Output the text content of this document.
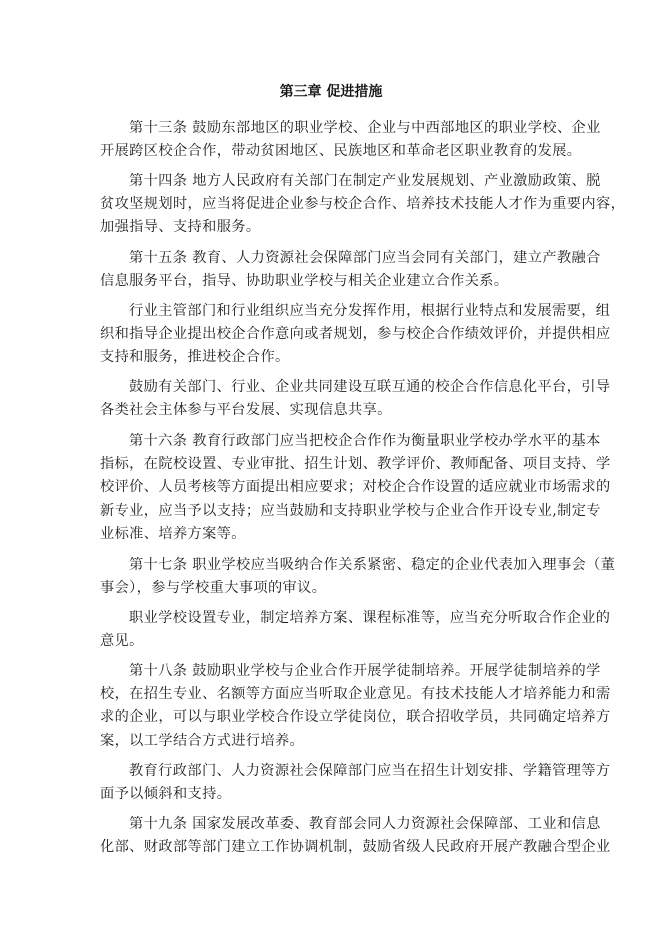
第三章 促进措施
第十三条 鼓励东部地区的职业学校、企业与中西部地区的职业学校、企业
开展跨区校企合作，带动贫困地区、民族地区和革命老区职业教育的发展。
第十四条 地方人民政府有关部门在制定产业发展规划、产业激励政策、脱
贫攻坚规划时，应当将促进企业参与校企合作、培养技术技能人才作为重要内容，
加强指导、支持和服务。
第十五条 教育、人力资源社会保障部门应当会同有关部门，建立产教融合
信息服务平台，指导、协助职业学校与相关企业建立合作关系。
行业主管部门和行业组织应当充分发挥作用，根据行业特点和发展需要，组
织和指导企业提出校企合作意向或者规划，参与校企合作绩效评价，并提供相应
支持和服务，推进校企合作。
鼓励有关部门、行业、企业共同建设互联互通的校企合作信息化平台，引导
各类社会主体参与平台发展、实现信息共享。
第十六条 教育行政部门应当把校企合作作为衡量职业学校办学水平的基本
指标，在院校设置、专业审批、招生计划、教学评价、教师配备、项目支持、学
校评价、人员考核等方面提出相应要求；对校企合作设置的适应就业市场需求的
新专业，应当予以支持；应当鼓励和支持职业学校与企业合作开设专业,制定专
业标准、培养方案等。
第十七条 职业学校应当吸纳合作关系紧密、稳定的企业代表加入理事会（董
事会），参与学校重大事项的审议。
职业学校设置专业，制定培养方案、课程标准等，应当充分听取合作企业的
意见。
第十八条 鼓励职业学校与企业合作开展学徒制培养。开展学徒制培养的学
校，在招生专业、名额等方面应当听取企业意见。有技术技能人才培养能力和需
求的企业，可以与职业学校合作设立学徒岗位，联合招收学员，共同确定培养方
案，以工学结合方式进行培养。
教育行政部门、人力资源社会保障部门应当在招生计划安排、学籍管理等方
面予以倾斜和支持。
第十九条 国家发展改革委、教育部会同人力资源社会保障部、工业和信息
化部、财政部等部门建立工作协调机制，鼓励省级人民政府开展产教融合型企业
